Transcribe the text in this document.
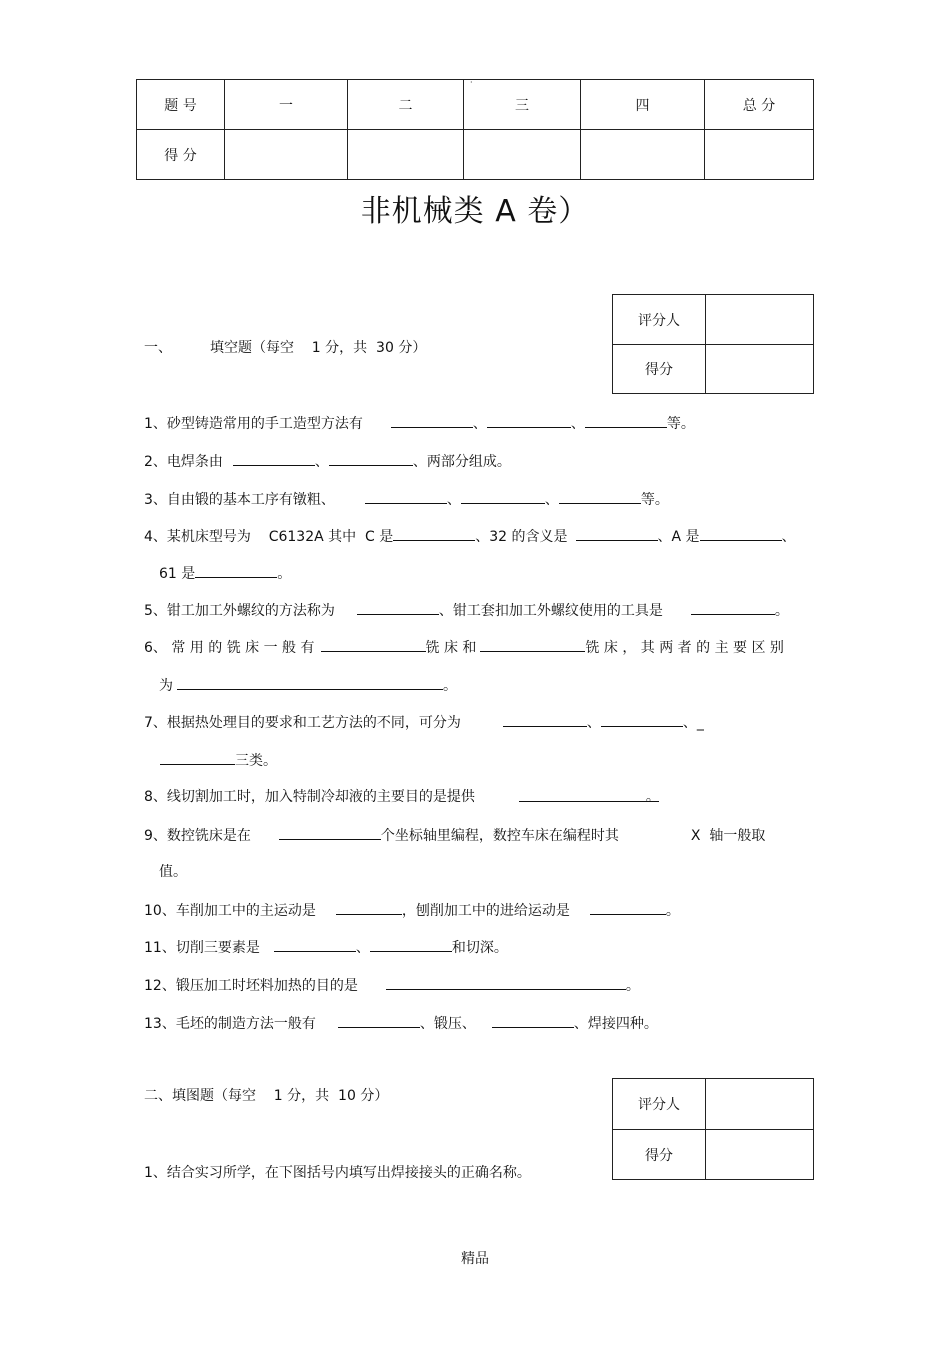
题 号	一	二	三	四	总 分
得 分					
·
非机械类 A 卷）
评分人	
得分	
一、	填空题（每空    1 分，共  30 分）
1、砂型铸造常用的手工造型方法有	、	、	等。
2、电焊条由	、	、两部分组成。
3、自由锻的基本工序有镦粗、	、	、	等。
4、某机床型号为    C6132A 其中  C 是	、32 的含义是	、A 是	、
61 是	。
5、钳工加工外螺纹的方法称为	、钳工套扣加工外螺纹使用的工具是	。
6、 常 用 的 铣 床 一 般 有	铣 床 和	铣 床 ， 其 两 者 的 主 要 区 别
为	。
7、根据热处理目的要求和工艺方法的不同，可分为	、	、_
三类。
8、线切割加工时，加入特制冷却液的主要目的是提供	。
9、数控铣床是在	个坐标轴里编程，数控车床在编程时其	X  轴一般取
值。
10、车削加工中的主运动是	，刨削加工中的进给运动是	。
11、切削三要素是	、	和切深。
12、锻压加工时坯料加热的目的是	。
13、毛坯的制造方法一般有	、锻压、	、焊接四种。
二、填图题（每空    1 分，共  10 分）
评分人	
得分	
1、结合实习所学，在下图括号内填写出焊接接头的正确名称。
精品
